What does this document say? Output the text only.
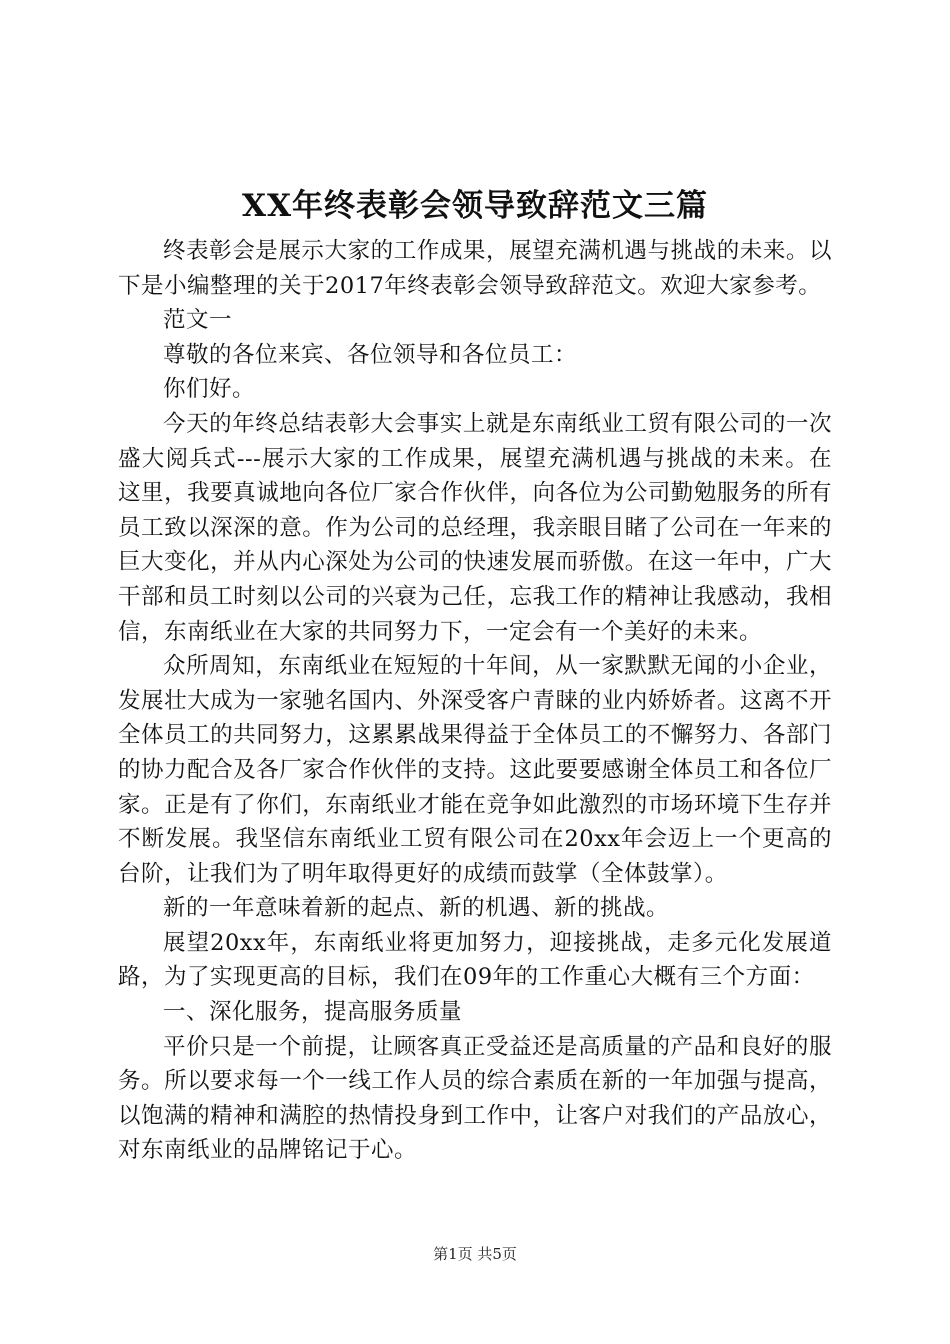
XX年终表彰会领导致辞范文三篇

终表彰会是展示大家的工作成果，展望充满机遇与挑战的未来。以下是小编整理的关于2017年终表彰会领导致辞范文。欢迎大家参考。

范文一

尊敬的各位来宾、各位领导和各位员工：

你们好。

今天的年终总结表彰大会事实上就是东南纸业工贸有限公司的一次盛大阅兵式---展示大家的工作成果，展望充满机遇与挑战的未来。在这里，我要真诚地向各位厂家合作伙伴，向各位为公司勤勉服务的所有员工致以深深的意。作为公司的总经理，我亲眼目睹了公司在一年来的巨大变化，并从内心深处为公司的快速发展而骄傲。在这一年中，广大干部和员工时刻以公司的兴衰为己任，忘我工作的精神让我感动，我相信，东南纸业在大家的共同努力下，一定会有一个美好的未来。

众所周知，东南纸业在短短的十年间，从一家默默无闻的小企业，发展壮大成为一家驰名国内、外深受客户青睐的业内娇娇者。这离不开全体员工的共同努力，这累累战果得益于全体员工的不懈努力、各部门的协力配合及各厂家合作伙伴的支持。这此要要感谢全体员工和各位厂家。正是有了你们，东南纸业才能在竞争如此激烈的市场环境下生存并不断发展。我坚信东南纸业工贸有限公司在20xx年会迈上一个更高的台阶，让我们为了明年取得更好的成绩而鼓掌（全体鼓掌）。

新的一年意味着新的起点、新的机遇、新的挑战。

展望20xx年，东南纸业将更加努力，迎接挑战，走多元化发展道路，为了实现更高的目标，我们在09年的工作重心大概有三个方面：

一、深化服务，提高服务质量

平价只是一个前提，让顾客真正受益还是高质量的产品和良好的服务。所以要求每一个一线工作人员的综合素质在新的一年加强与提高，以饱满的精神和满腔的热情投身到工作中，让客户对我们的产品放心，对东南纸业的品牌铭记于心。

第1页 共5页
